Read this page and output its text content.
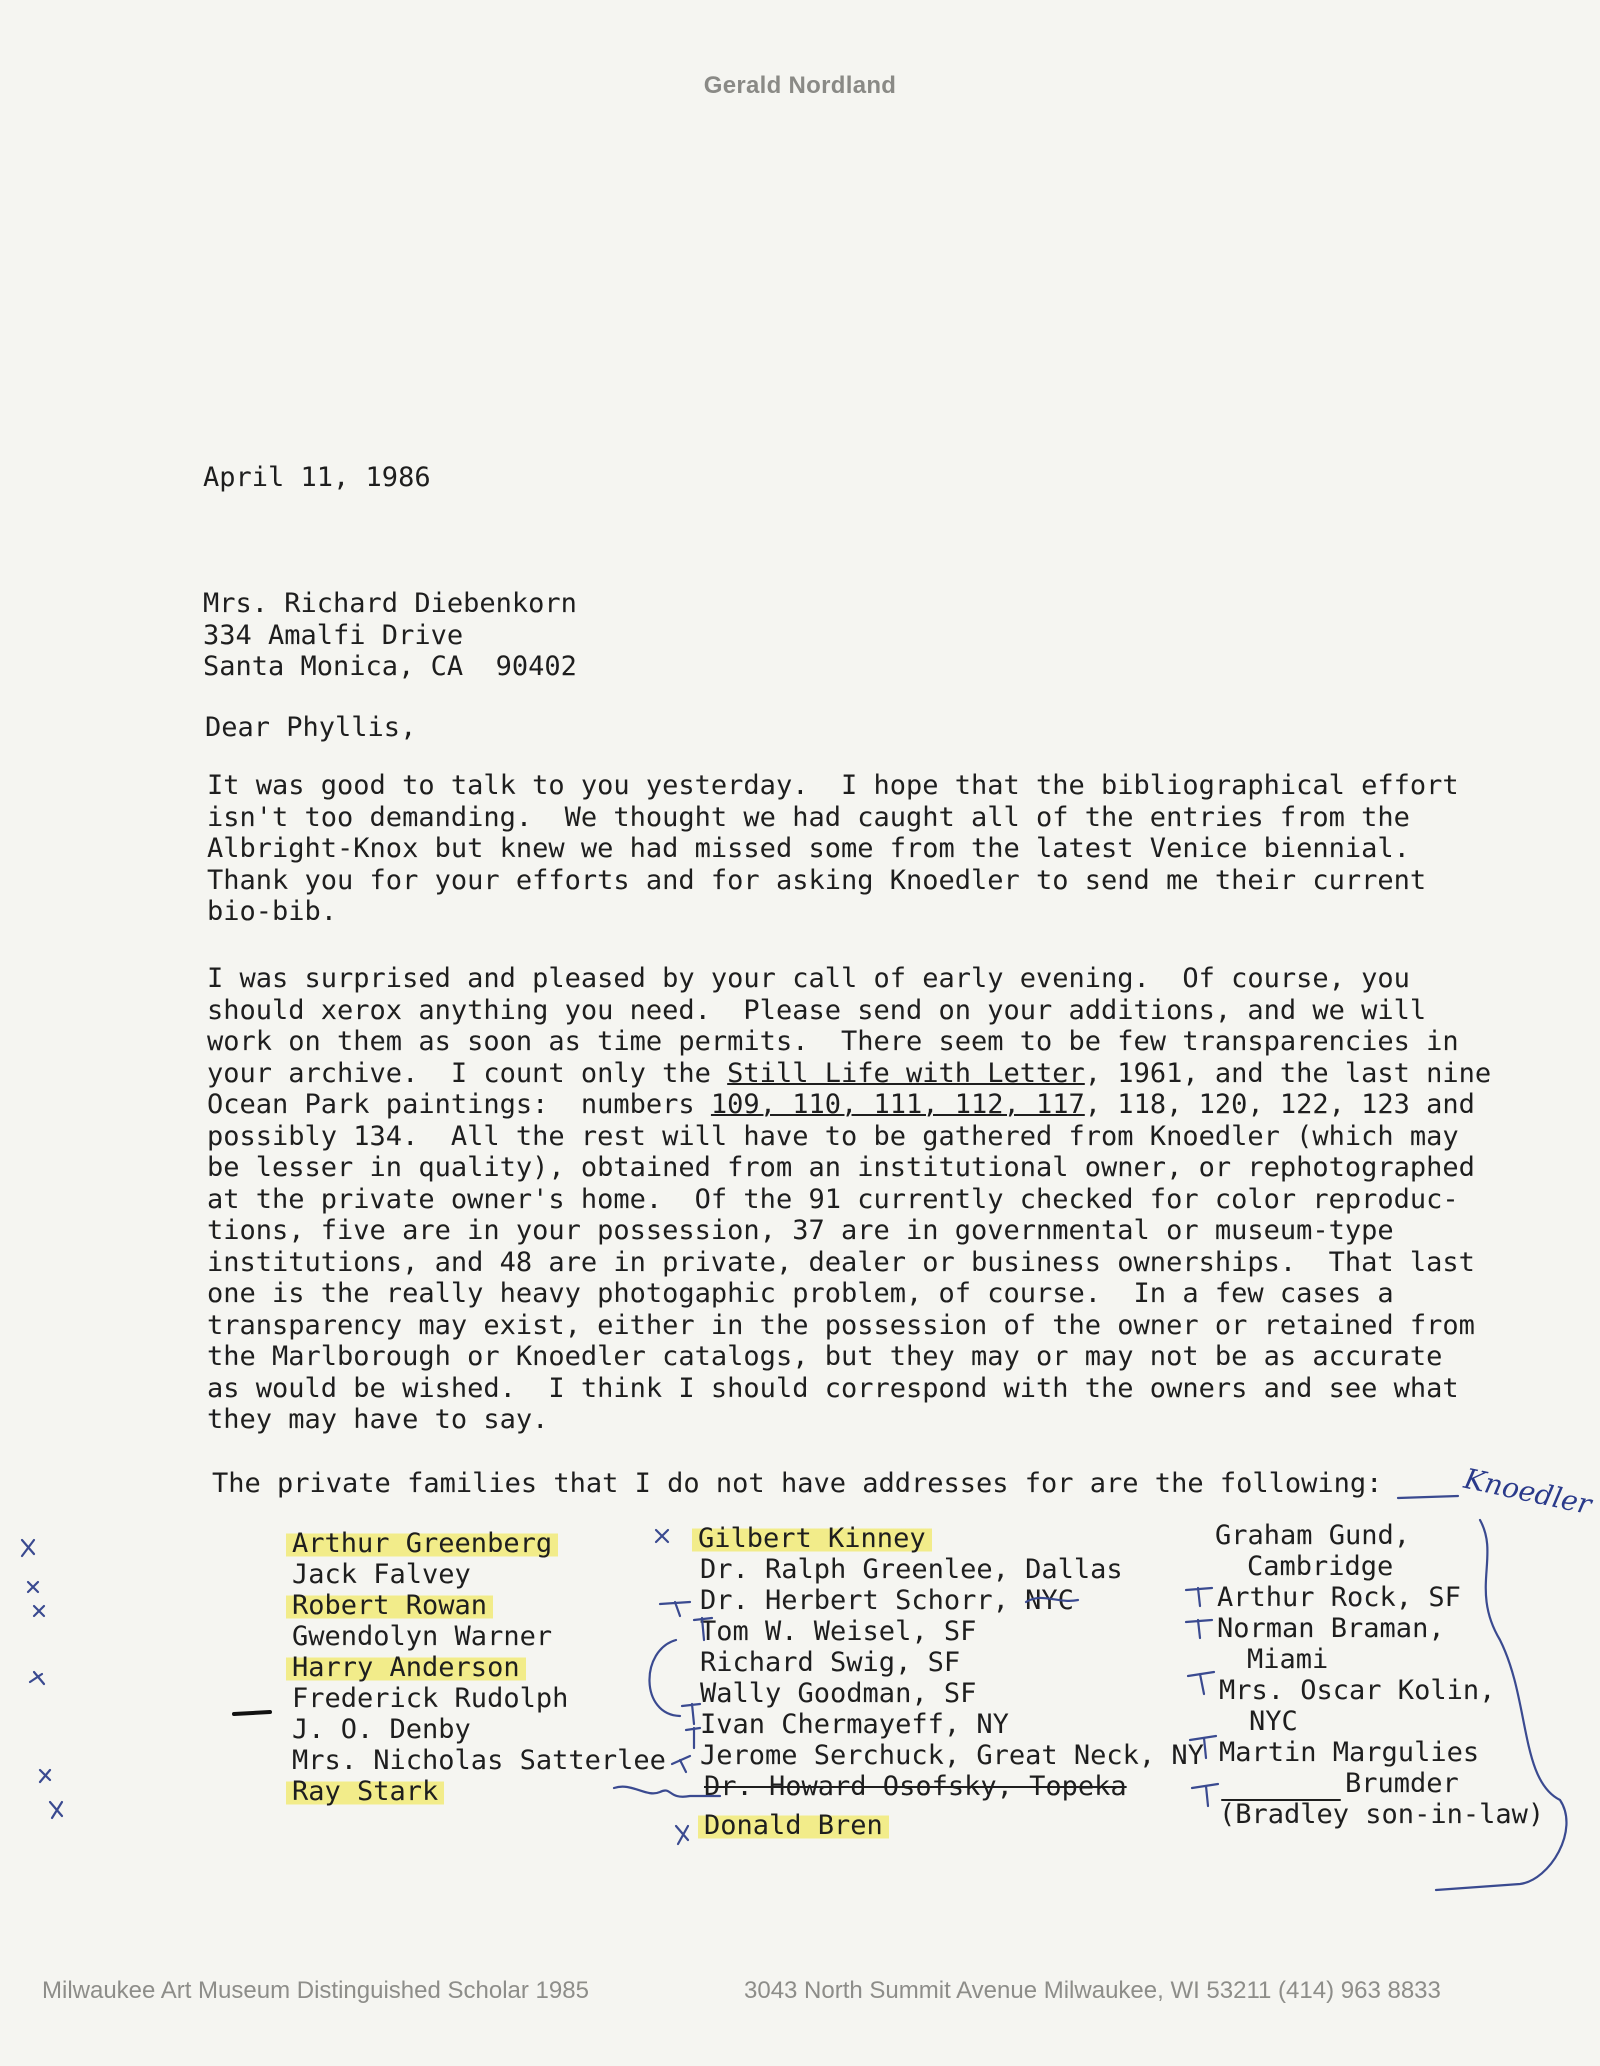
Gerald Nordland
April 11, 1986
Mrs. Richard Diebenkorn
334 Amalfi Drive
Santa Monica, CA  90402
Dear Phyllis,
It was good to talk to you yesterday.  I hope that the bibliographical effort
isn't too demanding.  We thought we had caught all of the entries from the
Albright-Knox but knew we had missed some from the latest Venice biennial.
Thank you for your efforts and for asking Knoedler to send me their current
bio-bib.
I was surprised and pleased by your call of early evening.  Of course, you
should xerox anything you need.  Please send on your additions, and we will
work on them as soon as time permits.  There seem to be few transparencies in
your archive.  I count only the Still Life with Letter, 1961, and the last nine
Ocean Park paintings:  numbers 109, 110, 111, 112, 117, 118, 120, 122, 123 and
possibly 134.  All the rest will have to be gathered from Knoedler (which may
be lesser in quality), obtained from an institutional owner, or rephotographed
at the private owner's home.  Of the 91 currently checked for color reproduc-
tions, five are in your possession, 37 are in governmental or museum-type
institutions, and 48 are in private, dealer or business ownerships.  That last
one is the really heavy photogaphic problem, of course.  In a few cases a
transparency may exist, either in the possession of the owner or retained from
the Marlborough or Knoedler catalogs, but they may or may not be as accurate
as would be wished.  I think I should correspond with the owners and see what
they may have to say.
The private families that I do not have addresses for are the following:
Arthur Greenberg
Jack Falvey
Robert Rowan
Gwendolyn Warner
Harry Anderson
Frederick Rudolph
J. O. Denby
Mrs. Nicholas Satterlee
Ray Stark
Gilbert Kinney
Dr. Ralph Greenlee, Dallas
Dr. Herbert Schorr, NYC
Tom W. Weisel, SF
Richard Swig, SF
Wally Goodman, SF
Ivan Chermayeff, NY
Jerome Serchuck, Great Neck, NY
Dr. Howard Osofsky, Topeka
Donald Bren
Graham Gund,
Cambridge
Arthur Rock, SF
Norman Braman,
Miami
Mrs. Oscar Kolin,
NYC
Martin Margulies
Brumder
(Bradley son-in-law)
Knoedler
Milwaukee Art Museum Distinguished Scholar 1985	3043 North Summit Avenue Milwaukee, WI 53211 (414) 963 8833
